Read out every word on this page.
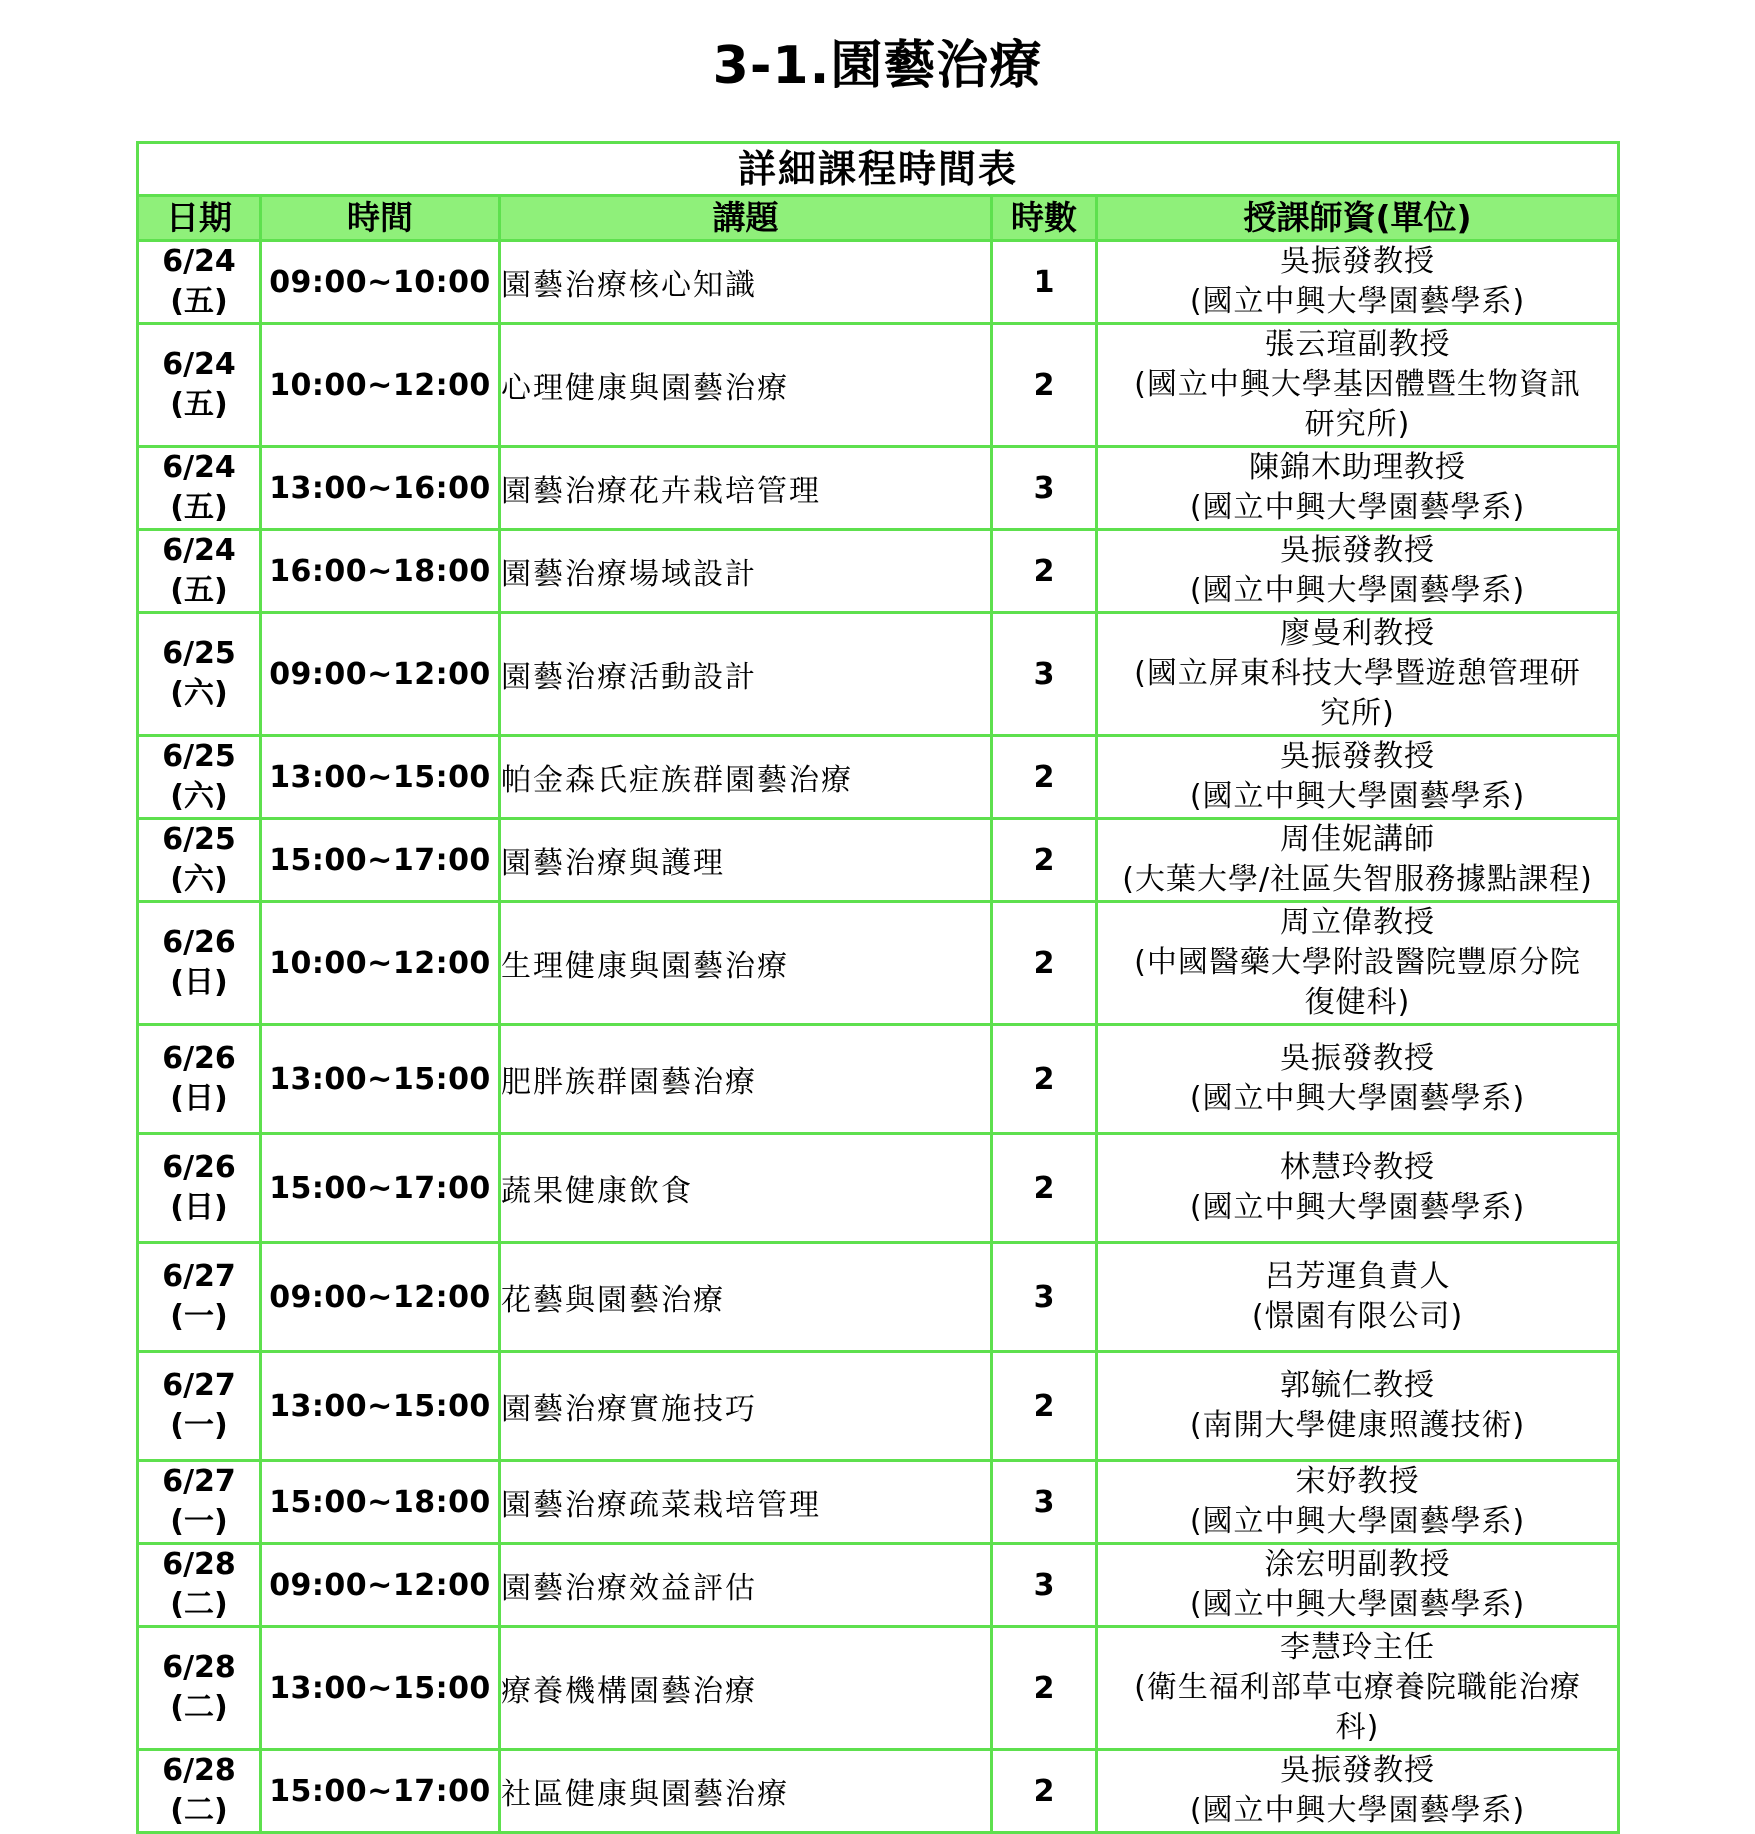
3-1.園藝治療
詳細課程時間表				
日期	時間	講題	時數	授課師資(單位)

6/24
(五)	09:00~10:00	園藝治療核心知識	1	吳振發教授
(國立中興大學園藝學系)

6/24
(五)	10:00~12:00	心理健康與園藝治療	2	張云瑄副教授
(國立中興大學基因體暨生物資訊
研究所)

6/24
(五)	13:00~16:00	園藝治療花卉栽培管理	3	陳錦木助理教授
(國立中興大學園藝學系)

6/24
(五)	16:00~18:00	園藝治療場域設計	2	吳振發教授
(國立中興大學園藝學系)

6/25
(六)	09:00~12:00	園藝治療活動設計	3	廖曼利教授
(國立屏東科技大學暨遊憩管理研
究所)

6/25
(六)	13:00~15:00	帕金森氏症族群園藝治療	2	吳振發教授
(國立中興大學園藝學系)

6/25
(六)	15:00~17:00	園藝治療與護理	2	周佳妮講師
(大葉大學/社區失智服務據點課程)

6/26
(日)	10:00~12:00	生理健康與園藝治療	2	周立偉教授
(中國醫藥大學附設醫院豐原分院
復健科)

6/26
(日)	13:00~15:00	肥胖族群園藝治療	2	吳振發教授
(國立中興大學園藝學系)

6/26
(日)	15:00~17:00	蔬果健康飲食	2	林慧玲教授
(國立中興大學園藝學系)

6/27
(一)	09:00~12:00	花藝與園藝治療	3	呂芳運負責人
(憬園有限公司)

6/27
(一)	13:00~15:00	園藝治療實施技巧	2	郭毓仁教授
(南開大學健康照護技術)

6/27
(一)	15:00~18:00	園藝治療疏菜栽培管理	3	宋妤教授
(國立中興大學園藝學系)

6/28
(二)	09:00~12:00	園藝治療效益評估	3	涂宏明副教授
(國立中興大學園藝學系)

6/28
(二)	13:00~15:00	療養機構園藝治療	2	李慧玲主任
(衛生福利部草屯療養院職能治療
科)

6/28
(二)	15:00~17:00	社區健康與園藝治療	2	吳振發教授
(國立中興大學園藝學系)
